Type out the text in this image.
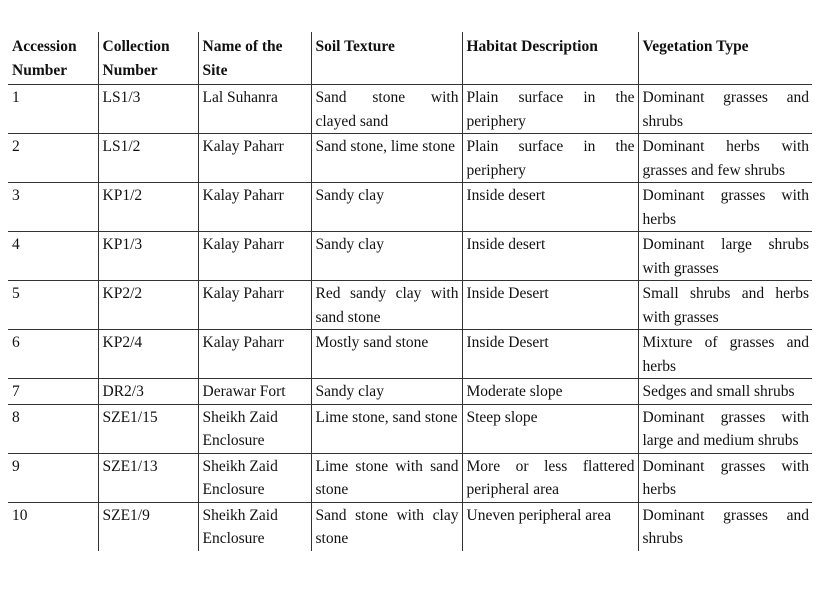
Accession Number	Collection Number	Name of the Site	Soil Texture	Habitat Description	Vegetation Type
1	LS1/3	Lal Suhanra	Sand stone with clayed sand	Plain surface in the periphery	Dominant grasses and shrubs
2	LS1/2	Kalay Paharr	Sand stone, lime stone	Plain surface in the periphery	Dominant herbs with grasses and few shrubs
3	KP1/2	Kalay Paharr	Sandy clay	Inside desert	Dominant grasses with herbs
4	KP1/3	Kalay Paharr	Sandy clay	Inside desert	Dominant large shrubs with grasses
5	KP2/2	Kalay Paharr	Red sandy clay with sand stone	Inside Desert	Small shrubs and herbs with grasses
6	KP2/4	Kalay Paharr	Mostly sand stone	Inside Desert	Mixture of grasses and herbs
7	DR2/3	Derawar Fort	Sandy clay	Moderate slope	Sedges and small shrubs
8	SZE1/15	Sheikh Zaid Enclosure	Lime stone, sand stone	Steep slope	Dominant grasses with large and medium shrubs
9	SZE1/13	Sheikh Zaid Enclosure	Lime stone with sand stone	More or less flattered peripheral area	Dominant grasses with herbs
10	SZE1/9	Sheikh Zaid Enclosure	Sand stone with clay stone	Uneven peripheral area	Dominant grasses and shrubs
